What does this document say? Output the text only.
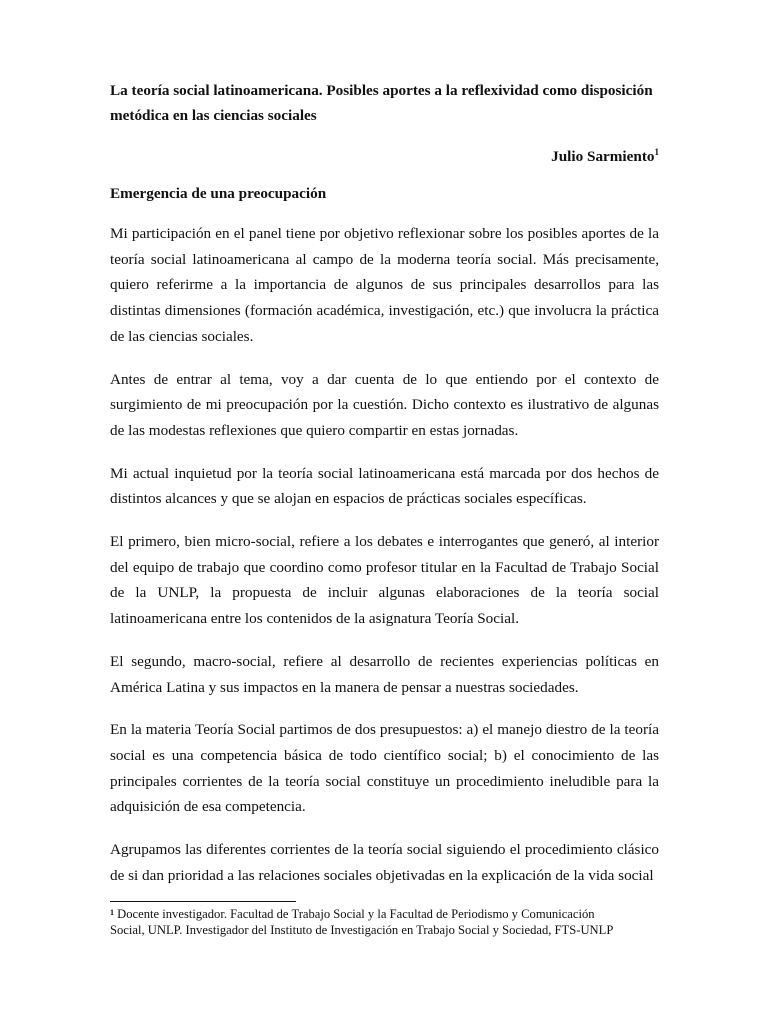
La teoría social latinoamericana. Posibles aportes a la reflexividad como disposición metódica en las ciencias sociales
Julio Sarmiento$^1$
Emergencia de una preocupación

Mi participación en el panel tiene por objetivo reflexionar sobre los posibles aportes de la teoría social latinoamericana al campo de la moderna teoría social. Más precisamente, quiero referirme a la importancia de algunos de sus principales desarrollos para las distintas dimensiones (formación académica, investigación, etc.) que involucra la práctica de las ciencias sociales.

Antes de entrar al tema, voy a dar cuenta de lo que entiendo por el contexto de surgimiento de mi preocupación por la cuestión. Dicho contexto es ilustrativo de algunas de las modestas reflexiones que quiero compartir en estas jornadas.

Mi actual inquietud por la teoría social latinoamericana está marcada por dos hechos de distintos alcances y que se alojan en espacios de prácticas sociales específicas.

El primero, bien micro-social, refiere a los debates e interrogantes que generó, al interior del equipo de trabajo que coordino como profesor titular en la Facultad de Trabajo Social de la UNLP, la propuesta de incluir algunas elaboraciones de la teoría social latinoamericana entre los contenidos de la asignatura Teoría Social.

El segundo, macro-social, refiere al desarrollo de recientes experiencias políticas en América Latina y sus impactos en la manera de pensar a nuestras sociedades.

En la materia Teoría Social partimos de dos presupuestos: a) el manejo diestro de la teoría social es una competencia básica de todo científico social; b) el conocimiento de las principales corrientes de la teoría social constituye un procedimiento ineludible para la adquisición de esa competencia.

Agrupamos las diferentes corrientes de la teoría social siguiendo el procedimiento clásico de si dan prioridad a las relaciones sociales objetivadas en la explicación de la vida social

$^1$ Docente investigador. Facultad de Trabajo Social y la Facultad de Periodismo y Comunicación Social, UNLP. Investigador del Instituto de Investigación en Trabajo Social y Sociedad, FTS-UNLP
